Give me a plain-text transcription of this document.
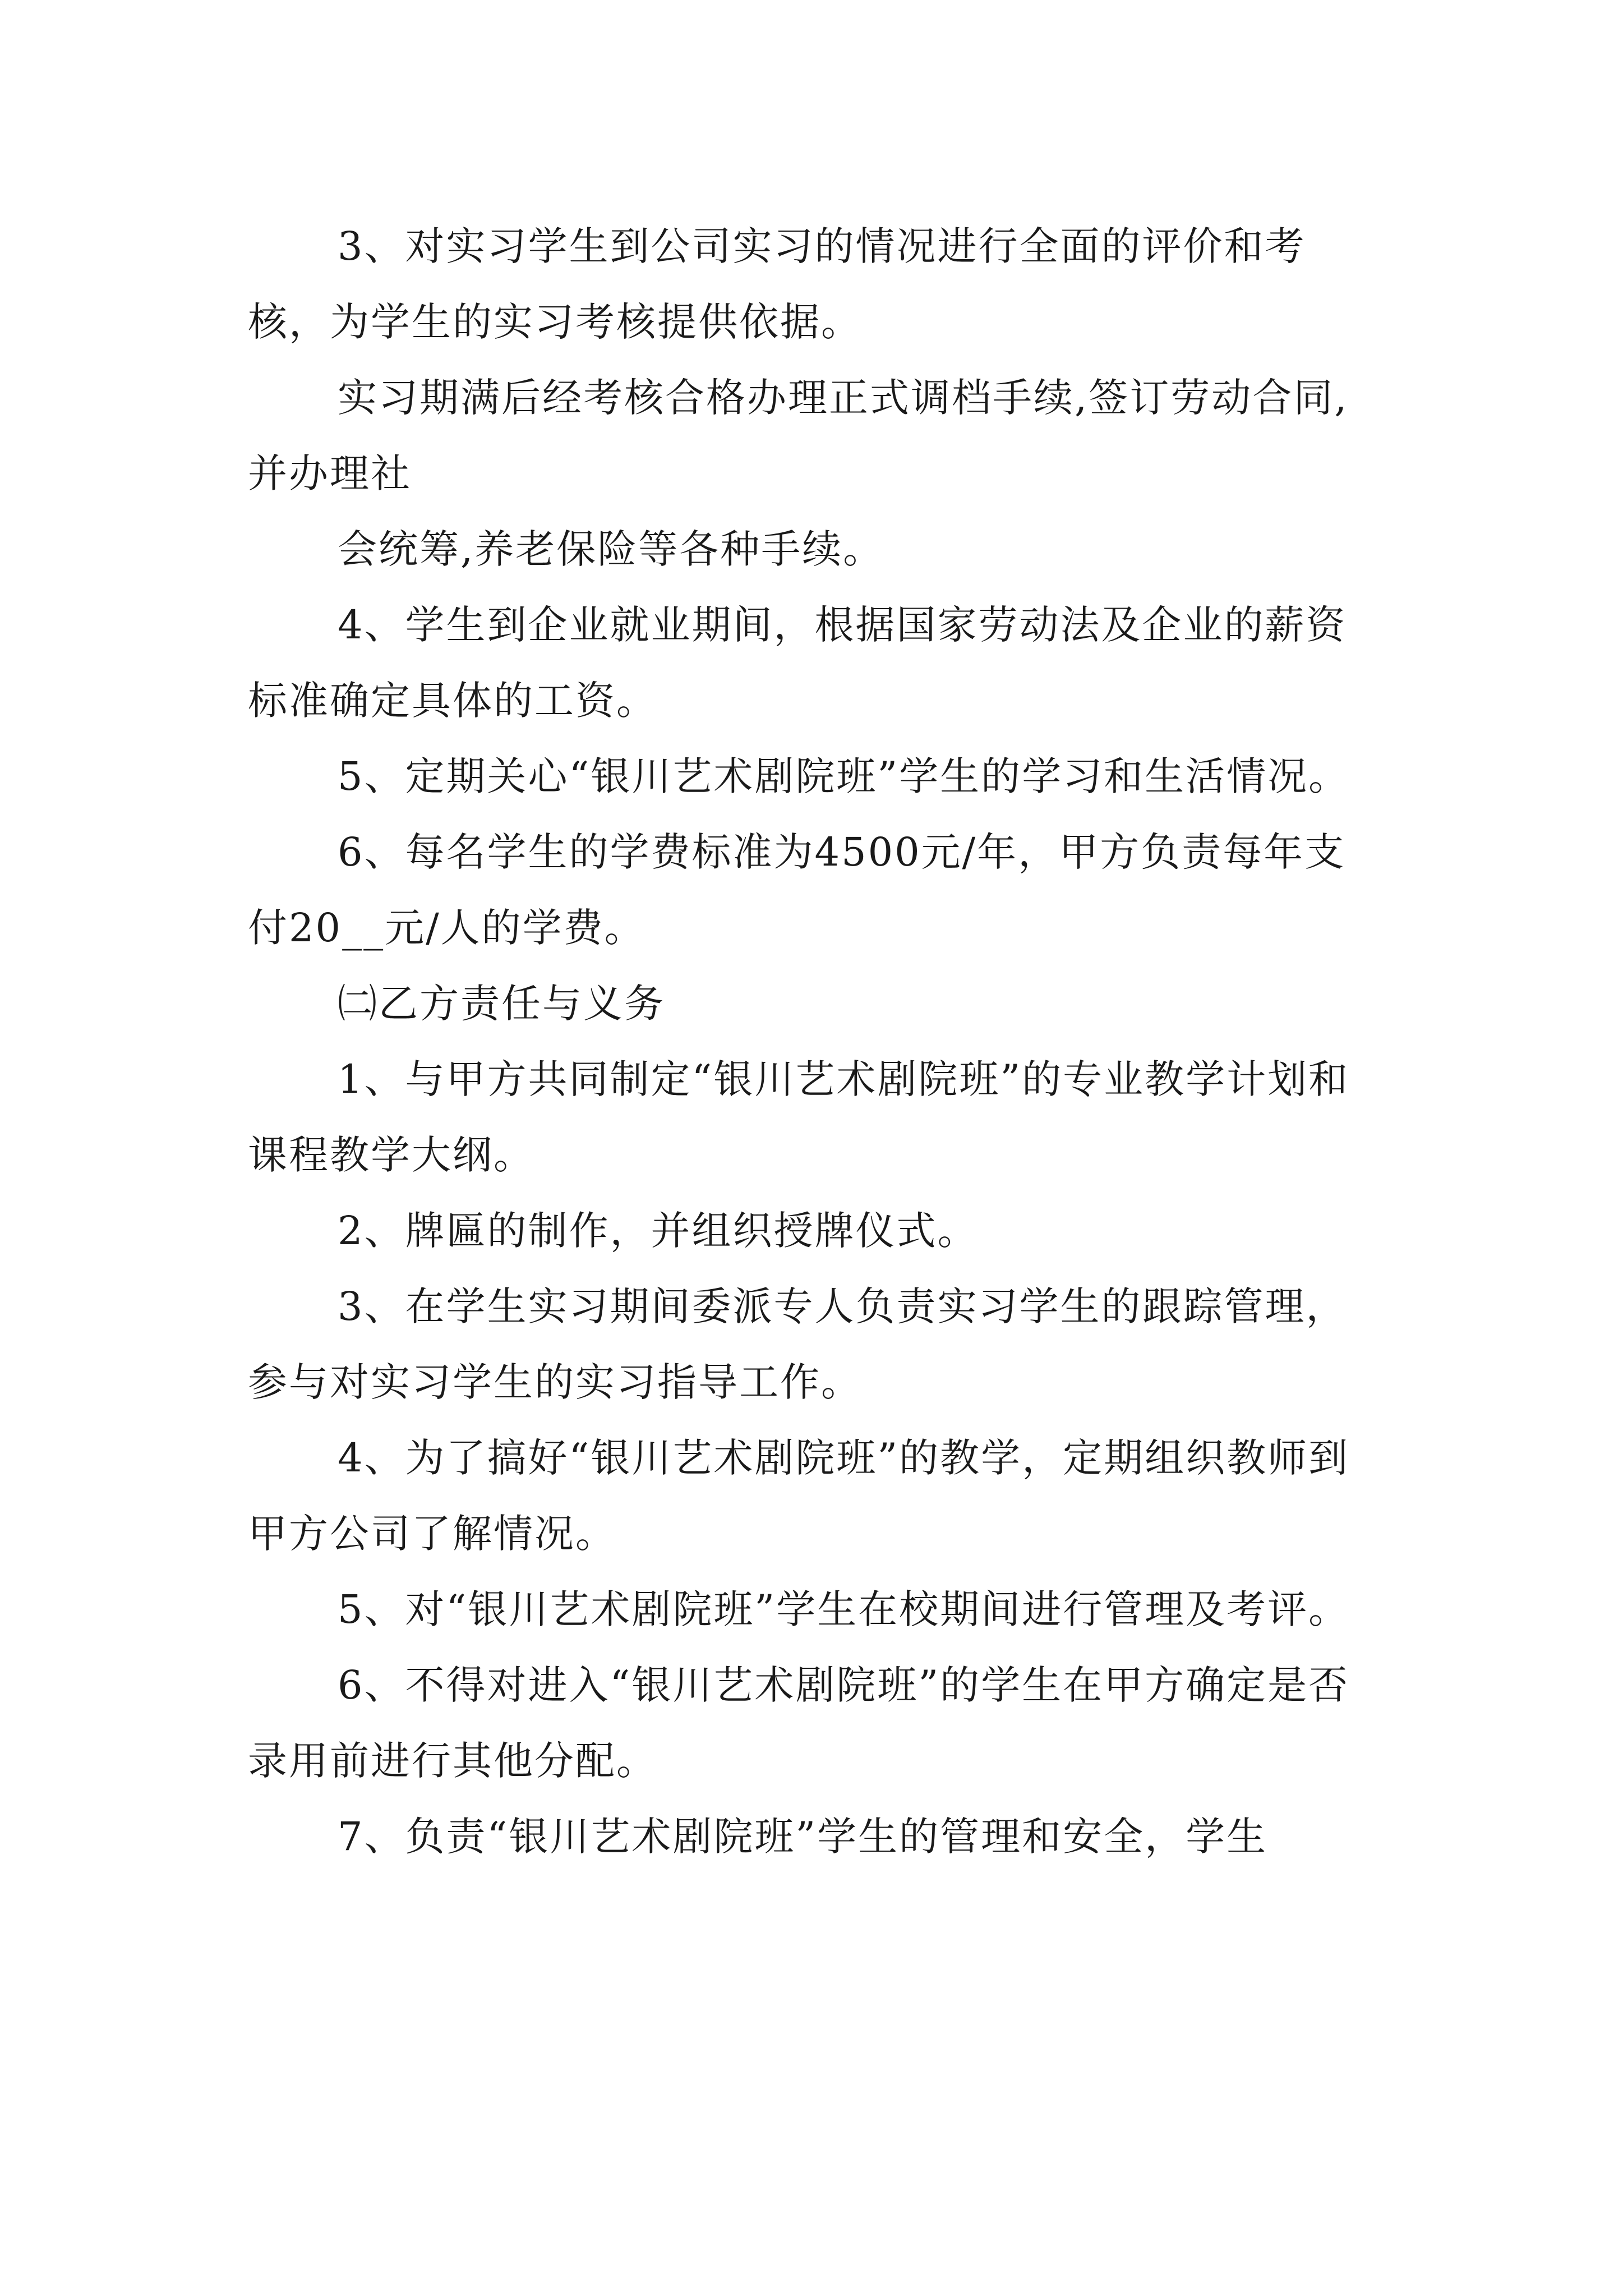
3、对实习学生到公司实习的情况进行全面的评价和考核，为学生的实习考核提供依据。

实习期满后经考核合格办理正式调档手续,签订劳动合同,并办理社

会统筹,养老保险等各种手续。

4、学生到企业就业期间，根据国家劳动法及企业的薪资标准确定具体的工资。

5、定期关心“银川艺术剧院班”学生的学习和生活情况。

6、每名学生的学费标准为4500元/年，甲方负责每年支付20__元/人的学费。

㈡乙方责任与义务

1、与甲方共同制定“银川艺术剧院班”的专业教学计划和课程教学大纲。

2、牌匾的制作，并组织授牌仪式。

3、在学生实习期间委派专人负责实习学生的跟踪管理，参与对实习学生的实习指导工作。

4、为了搞好“银川艺术剧院班”的教学，定期组织教师到甲方公司了解情况。

5、对“银川艺术剧院班”学生在校期间进行管理及考评。

6、不得对进入“银川艺术剧院班”的学生在甲方确定是否录用前进行其他分配。

7、负责“银川艺术剧院班”学生的管理和安全，学生
